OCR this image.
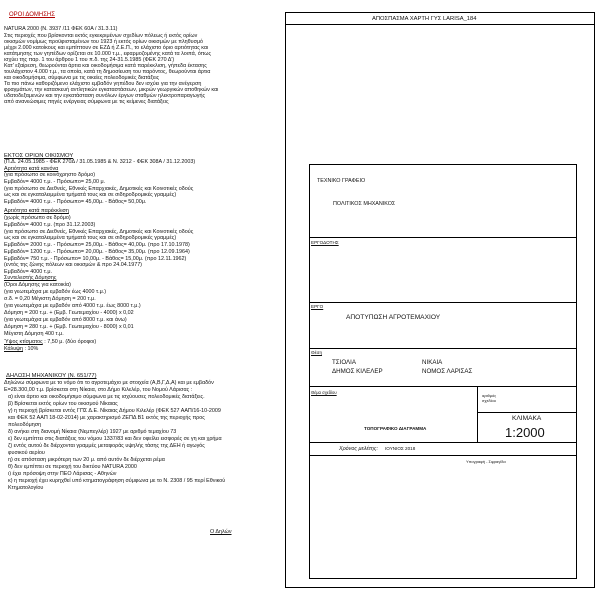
ΟΡΟΙ ΔΟΜΗΣΗΣ
NATURA 2000 (Ν. 3937 /11 ΦΕΚ 60Α / 31.3.11)
Στις περιοχές που βρίσκονται εκτός εγκεκριμένων σχεδίων πόλεως ή εκτός ορίων
οικισμών νομίμως προϋφισταμένων του 1923 ή εκτός ορίων οικισμών με πληθυσμό
μέχρι 2.000 κατοίκους και εμπίπτουν σε ΕΖΔ ή Ζ.Ε.Π., το ελάχιστο όριο αρτιότητας και
κατάτμησης των γηπέδων ορίζεται σε 10.000 τ.μ., εφαρμοζομένης κατά τα λοιπά, όπως
ισχύει της παρ. 1 του άρθρου 1 του π.δ. της 24-31.5.1985 (ΦΕΚ 270 Δ')
Κατ' εξαίρεση, θεωρούνται άρτια και οικοδομήσιμα κατά παρέκκλιση, γήπεδα έκτασης
τουλάχιστον 4.000 τ.μ., τα οποία, κατά τη δημοσίευση του παρόντος, θεωρούνται άρτια
και οικοδομήσιμα, σύμφωνα με τις οικείες πολεοδομικές διατάξεις
Τα πιο πάνω καθοριζόμενο ελάχιστο εμβαδόν γηπέδου δεν ισχύει για την ανέγερση
φραγμάτων, την κατασκευή αντλητικών εγκαταστάσεων, μικρών γεωργικών αποθηκών και
υδατοδεξαμενών και την εγκατάσταση συνόλων έργων σταθμών ηλεκτροπαραγωγής
από ανανεώσιμες πηγές ενέργειας σύμφωνα με τις κείμενες διατάξεις
ΕΚΤΟΣ ΟΡΙΩΝ ΟΙΚΙΣΜΟΥ
(Π.Δ. 24.05.1985 - ΦΕΚ 270Δ / 31.05.1985 & Ν. 3212 - ΦΕΚ 308Α / 31.12.2003)
Αρτιότητα κατά κανόνα
(για πρόσωπο σε κοινόχρηστο δρόμο)
Εμβαδόν= 4000 τ.μ. - Πρόσωπο= 25,00 μ.
(για πρόσωπο σε Διεθνείς, Εθνικές Επαρχιακές, Δημοτικές και Κοινοτικές οδούς
ως και σε εγκαταλειμμένα τμήματά τους και σε σιδηροδρομικές γραμμές)
Εμβαδόν= 4000 τ.μ. - Πρόσωπο= 45,00μ. - Βάθος= 50,00μ.
Αρτιότητα κατά παρέκκλιση
(χωρίς πρόσωπο σε δρόμο)
Εμβαδόν= 4000 τ.μ. (προ 31.12.2003)
(για πρόσωπο σε Διεθνείς, Εθνικές Επαρχιακές, Δημοτικές και Κοινοτικές οδούς
ως και σε εγκαταλειμμένα τμήματά τους και σε σιδηροδρομικές γραμμές)
Εμβαδόν= 2000 τ.μ. - Πρόσωπο= 25,00μ. - Βάθος= 40,00μ. (προ 17.10.1978)
Εμβαδόν= 1200 τ.μ. - Πρόσωπο= 20,00μ. - Βάθος= 35,00μ. (προ 12.09.1964)
Εμβαδόν= 750 τ.μ. - Πρόσωπο= 10,00μ. - Βάθος= 15,00μ. (προ 12.11.1962)
(εντός της ζώνης πόλεων και οικισμών & προ 24.04.1977)
Εμβαδόν= 4000 τ.μ.
Συντελεστής Δόμησης
(Όροι Δόμησης για κατοικία)
(για γεωτεμάχια με εμβαδόν έως 4000 τ.μ.)
σ.δ. = 0,20 Μέγιστη Δόμηση = 200 τ.μ.
(για γεωτεμάχια με εμβαδόν από 4000 τ.μ. έως 8000 τ.μ.)
Δόμηση = 200 τ.μ. + (Εμβ. Γεωτεμαχίου - 4000) x 0,02
(για γεωτεμάχια με εμβαδόν από 8000 τ.μ. και άνω)
Δόμηση = 280 τ.μ. + (Εμβ. Γεωτεμαχίου - 8000) x 0,01
Μέγιστη Δόμηση 400 τ.μ.
Ύψος κτίσματος : 7,50 μ. (δύο όροφοι)
Κάλυψη : 10%
ΔΗΛΩΣΗ ΜΗΧΑΝΙΚΟΥ (Ν. 651/77)
Δηλώνω σύμφωνα με το νόμο ότι το αγροτεμάχιο με στοιχεία (Α,Β,Γ,Δ,Α) και με εμβαδόν
Ε=28.300,00 τ.μ. βρίσκεται στη Νίκαια, στο Δήμο Κιλελέρ, του Νομού Λάρισας :
α) είναι άρτιο και οικοδομήσιμο σύμφωνα με τις ισχύουσες πολεοδομικές διατάξεις.
β) Βρίσκεται εκτός ορίων του οικισμού Νίκαιας
γ) η περιοχή βρίσκεται εντός ΓΠΣ Δ.Ε. Νίκαιας Δήμου Κιλελέρ (ΦΕΚ 527 ΑΑΠ/16-10-2009
και ΦΕΚ 52 ΑΑΠ 18-02-2014) με χαρακτηρισμό ΖΕΠΔ Β1 εκτός της περιοχής προς
πολεοδόμηση
δ) ανήκει στη διανομή Νίκαια (Νεμπεγλέρ) 1927 με αριθμό τεμαχίου 73
ε) δεν εμπίπτει στις διατάξεις του νόμου 1337/83 και δεν οφείλει εισφορές σε γη και χρήμα
ζ) εντός αυτού δε διέρχονται γραμμές μεταφοράς υψηλής τάσης της ΔΕΗ ή αγωγός
φυσικού αερίου
η) σε απόσταση μικρότερη των 20 μ. από αυτόν δε διέρχεται ρέμα
θ) δεν εμπίπτει σε περιοχή του δικτύου NATURA 2000
ι) έχει πρόσοψη στην ΠΕΟ Λάρισας - Αθηνών
κ) η περιοχή έχει κυρηχθεί υπό κτηματογράφηση σύμφωνα με το Ν. 2308 / 95 περί Εθνικού
Κτηματολογίου
Ο Δηλών
ΑΠΟΣΠΑΣΜΑ ΧΑΡΤΗ ΓΥΣ LARISA_184
ΤΕΧΝΙΚΟ ΓΡΑΦΕΙΟ
ΠΟΛΙΤΙΚΟΣ ΜΗΧΑΝΙΚΟΣ
ΕΡΓΟΔΟΤΗΣ
ΕΡΓΟ
ΑΠΟΤΥΠΩΣΗ ΑΓΡΟΤΕΜΑΧΙΟΥ
Θέση
ΤΣΙΟΛΙΑ	ΝΙΚΑΙΑ
ΔΗΜΟΣ ΚΙΛΕΛΕΡ	ΝΟΜΟΣ ΛΑΡΙΣΑΣ
Θέμα σχεδίου
αριθμός σχεδίου
ΤΟΠΟΓΡΑΦΙΚΟ ΔΙΑΓΡΑΜΜΑ
ΚΛΙΜΑΚΑ
1:2000
Χρόνος μελέτης: ΙΟΥΝΙΟΣ 2018
Υπογραφή - Σφραγίδα
